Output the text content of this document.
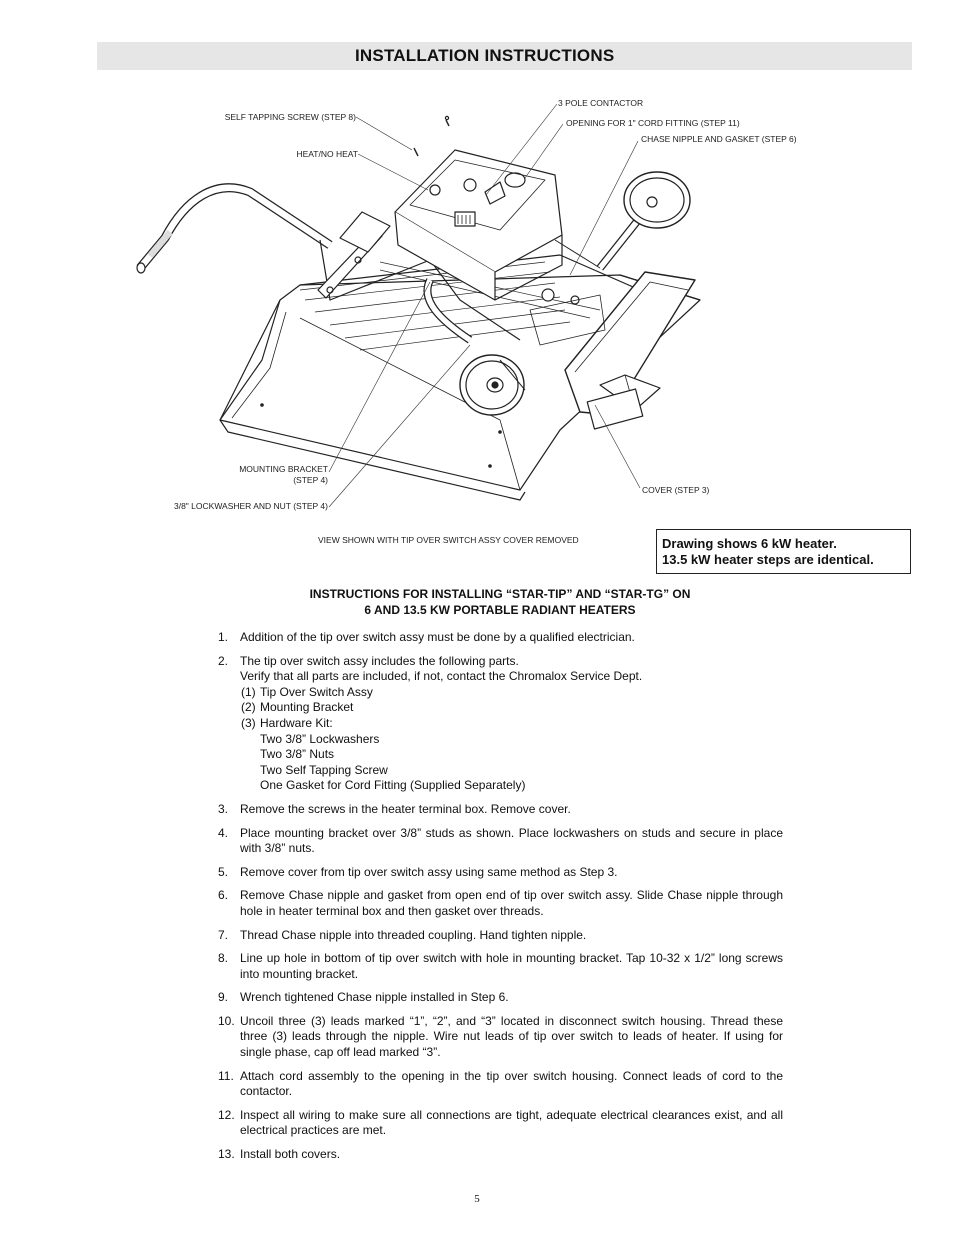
INSTALLATION INSTRUCTIONS
SELF TAPPING SCREW (STEP 8)
HEAT/NO HEAT
3 POLE CONTACTOR
OPENING FOR 1" CORD FITTING (STEP 11)
CHASE NIPPLE AND GASKET (STEP 6)
MOUNTING BRACKET
(STEP 4)
3/8" LOCKWASHER AND NUT (STEP 4)
COVER (STEP 3)
VIEW SHOWN WITH TIP OVER SWITCH ASSY COVER REMOVED	Drawing shows 6 kW heater.
13.5 kW heater steps are identical.
INSTRUCTIONS FOR INSTALLING “STAR-TIP” AND “STAR-TG” ON
6 AND 13.5 KW PORTABLE RADIANT HEATERS
1. Addition of the tip over switch assy must be done by a qualified electrician.
2. The tip over switch assy includes the following parts.
Verify that all parts are included, if not, contact the Chromalox Service Dept.
(1) Tip Over Switch Assy
(2) Mounting Bracket
(3) Hardware Kit:
Two 3/8” Lockwashers
Two 3/8” Nuts
Two Self Tapping Screw
One Gasket for Cord Fitting (Supplied Separately)
3. Remove the screws in the heater terminal box. Remove cover.
4. Place mounting bracket over 3/8” studs as shown. Place lockwashers on studs and secure in place with 3/8” nuts.
5. Remove cover from tip over switch assy using same method as Step 3.
6. Remove Chase nipple and gasket from open end of tip over switch assy. Slide Chase nipple through hole in heater terminal box and then gasket over threads.
7. Thread Chase nipple into threaded coupling. Hand tighten nipple.
8. Line up hole in bottom of tip over switch with hole in mounting bracket. Tap 10-32 x 1/2” long screws into mounting bracket.
9. Wrench tightened Chase nipple installed in Step 6.
10. Uncoil three (3) leads marked “1”, “2”, and “3” located in disconnect switch housing. Thread these three (3) leads through the nipple. Wire nut leads of tip over switch to leads of heater. If using for single phase, cap off lead marked “3”.
11. Attach cord assembly to the opening in the tip over switch housing. Connect leads of cord to the contactor.
12. Inspect all wiring to make sure all connections are tight, adequate electrical clearances exist, and all electrical practices are met.
13. Install both covers.
5
